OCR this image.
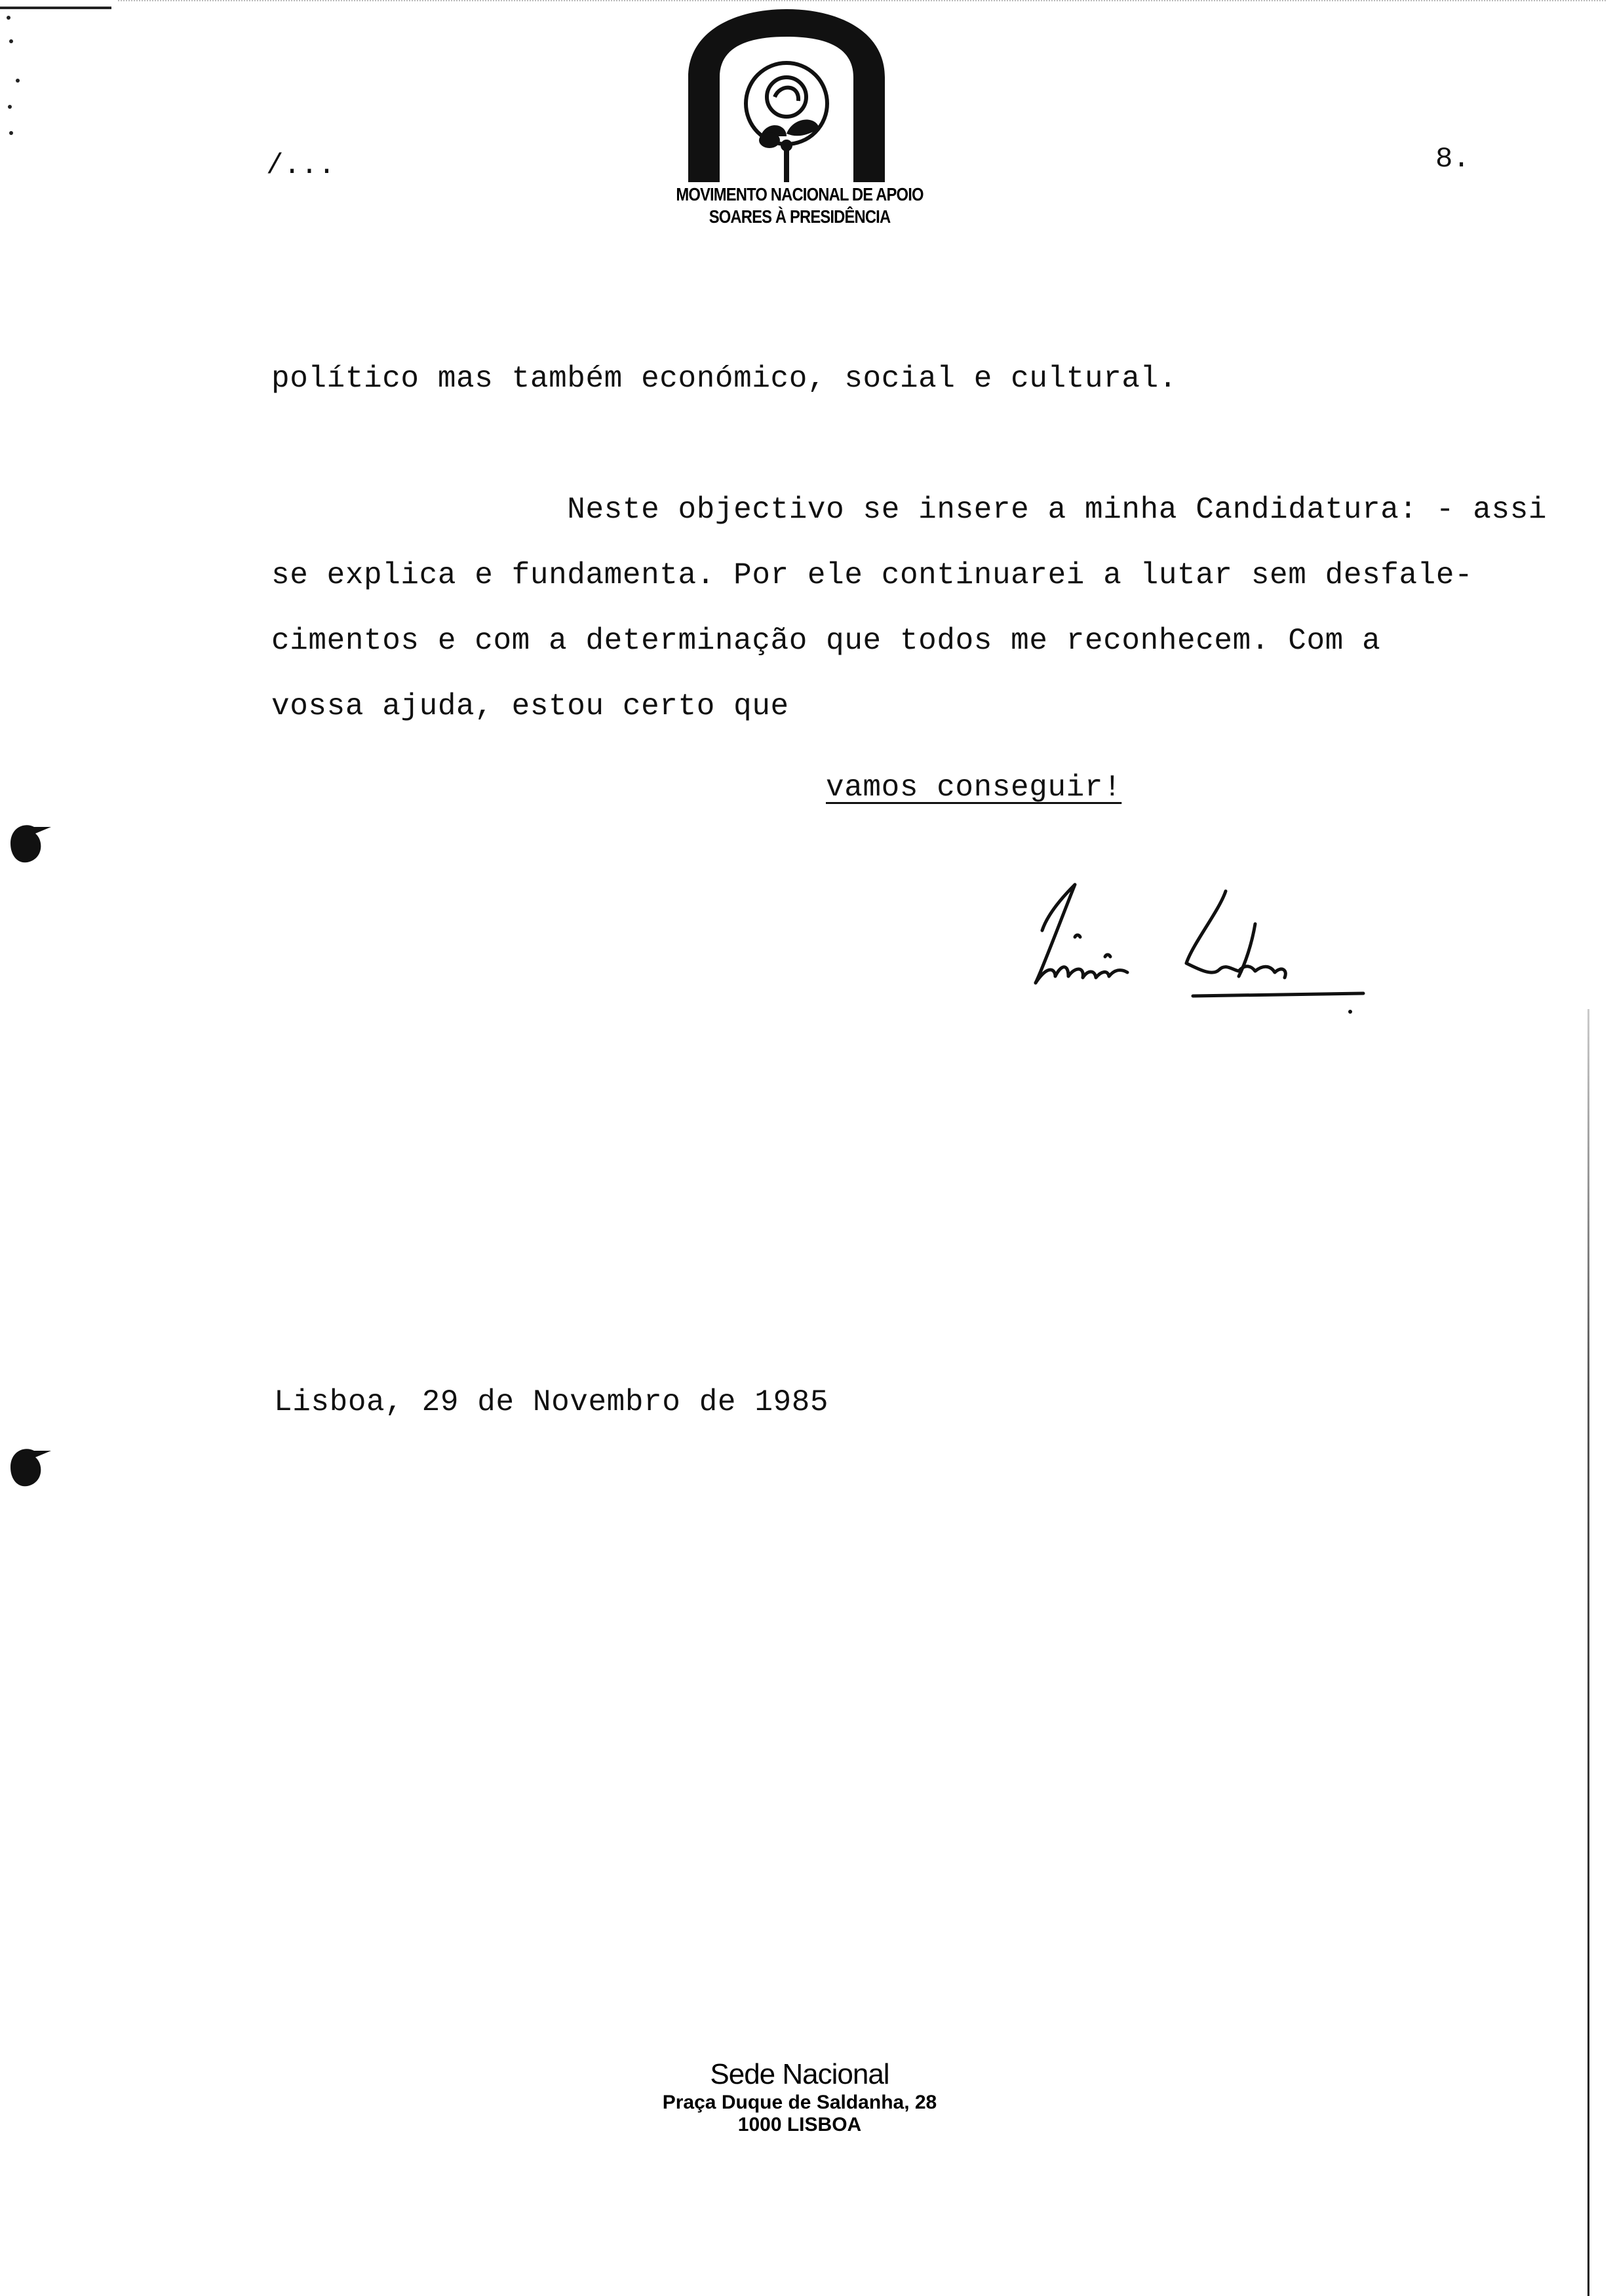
MOVIMENTO NACIONAL DE APOIO
SOARES À PRESIDÊNCIA
/...	8.
político mas também económico, social e cultural.
Neste objectivo se insere a minha Candidatura: - assi
se explica e fundamenta. Por ele continuarei a lutar sem desfale-
cimentos e com a determinação que todos me reconhecem. Com a
vossa ajuda, estou certo que
vamos conseguir!
Lisboa, 29 de Novembro de 1985
Sede Nacional
Praça Duque de Saldanha, 28
1000 LISBOA
